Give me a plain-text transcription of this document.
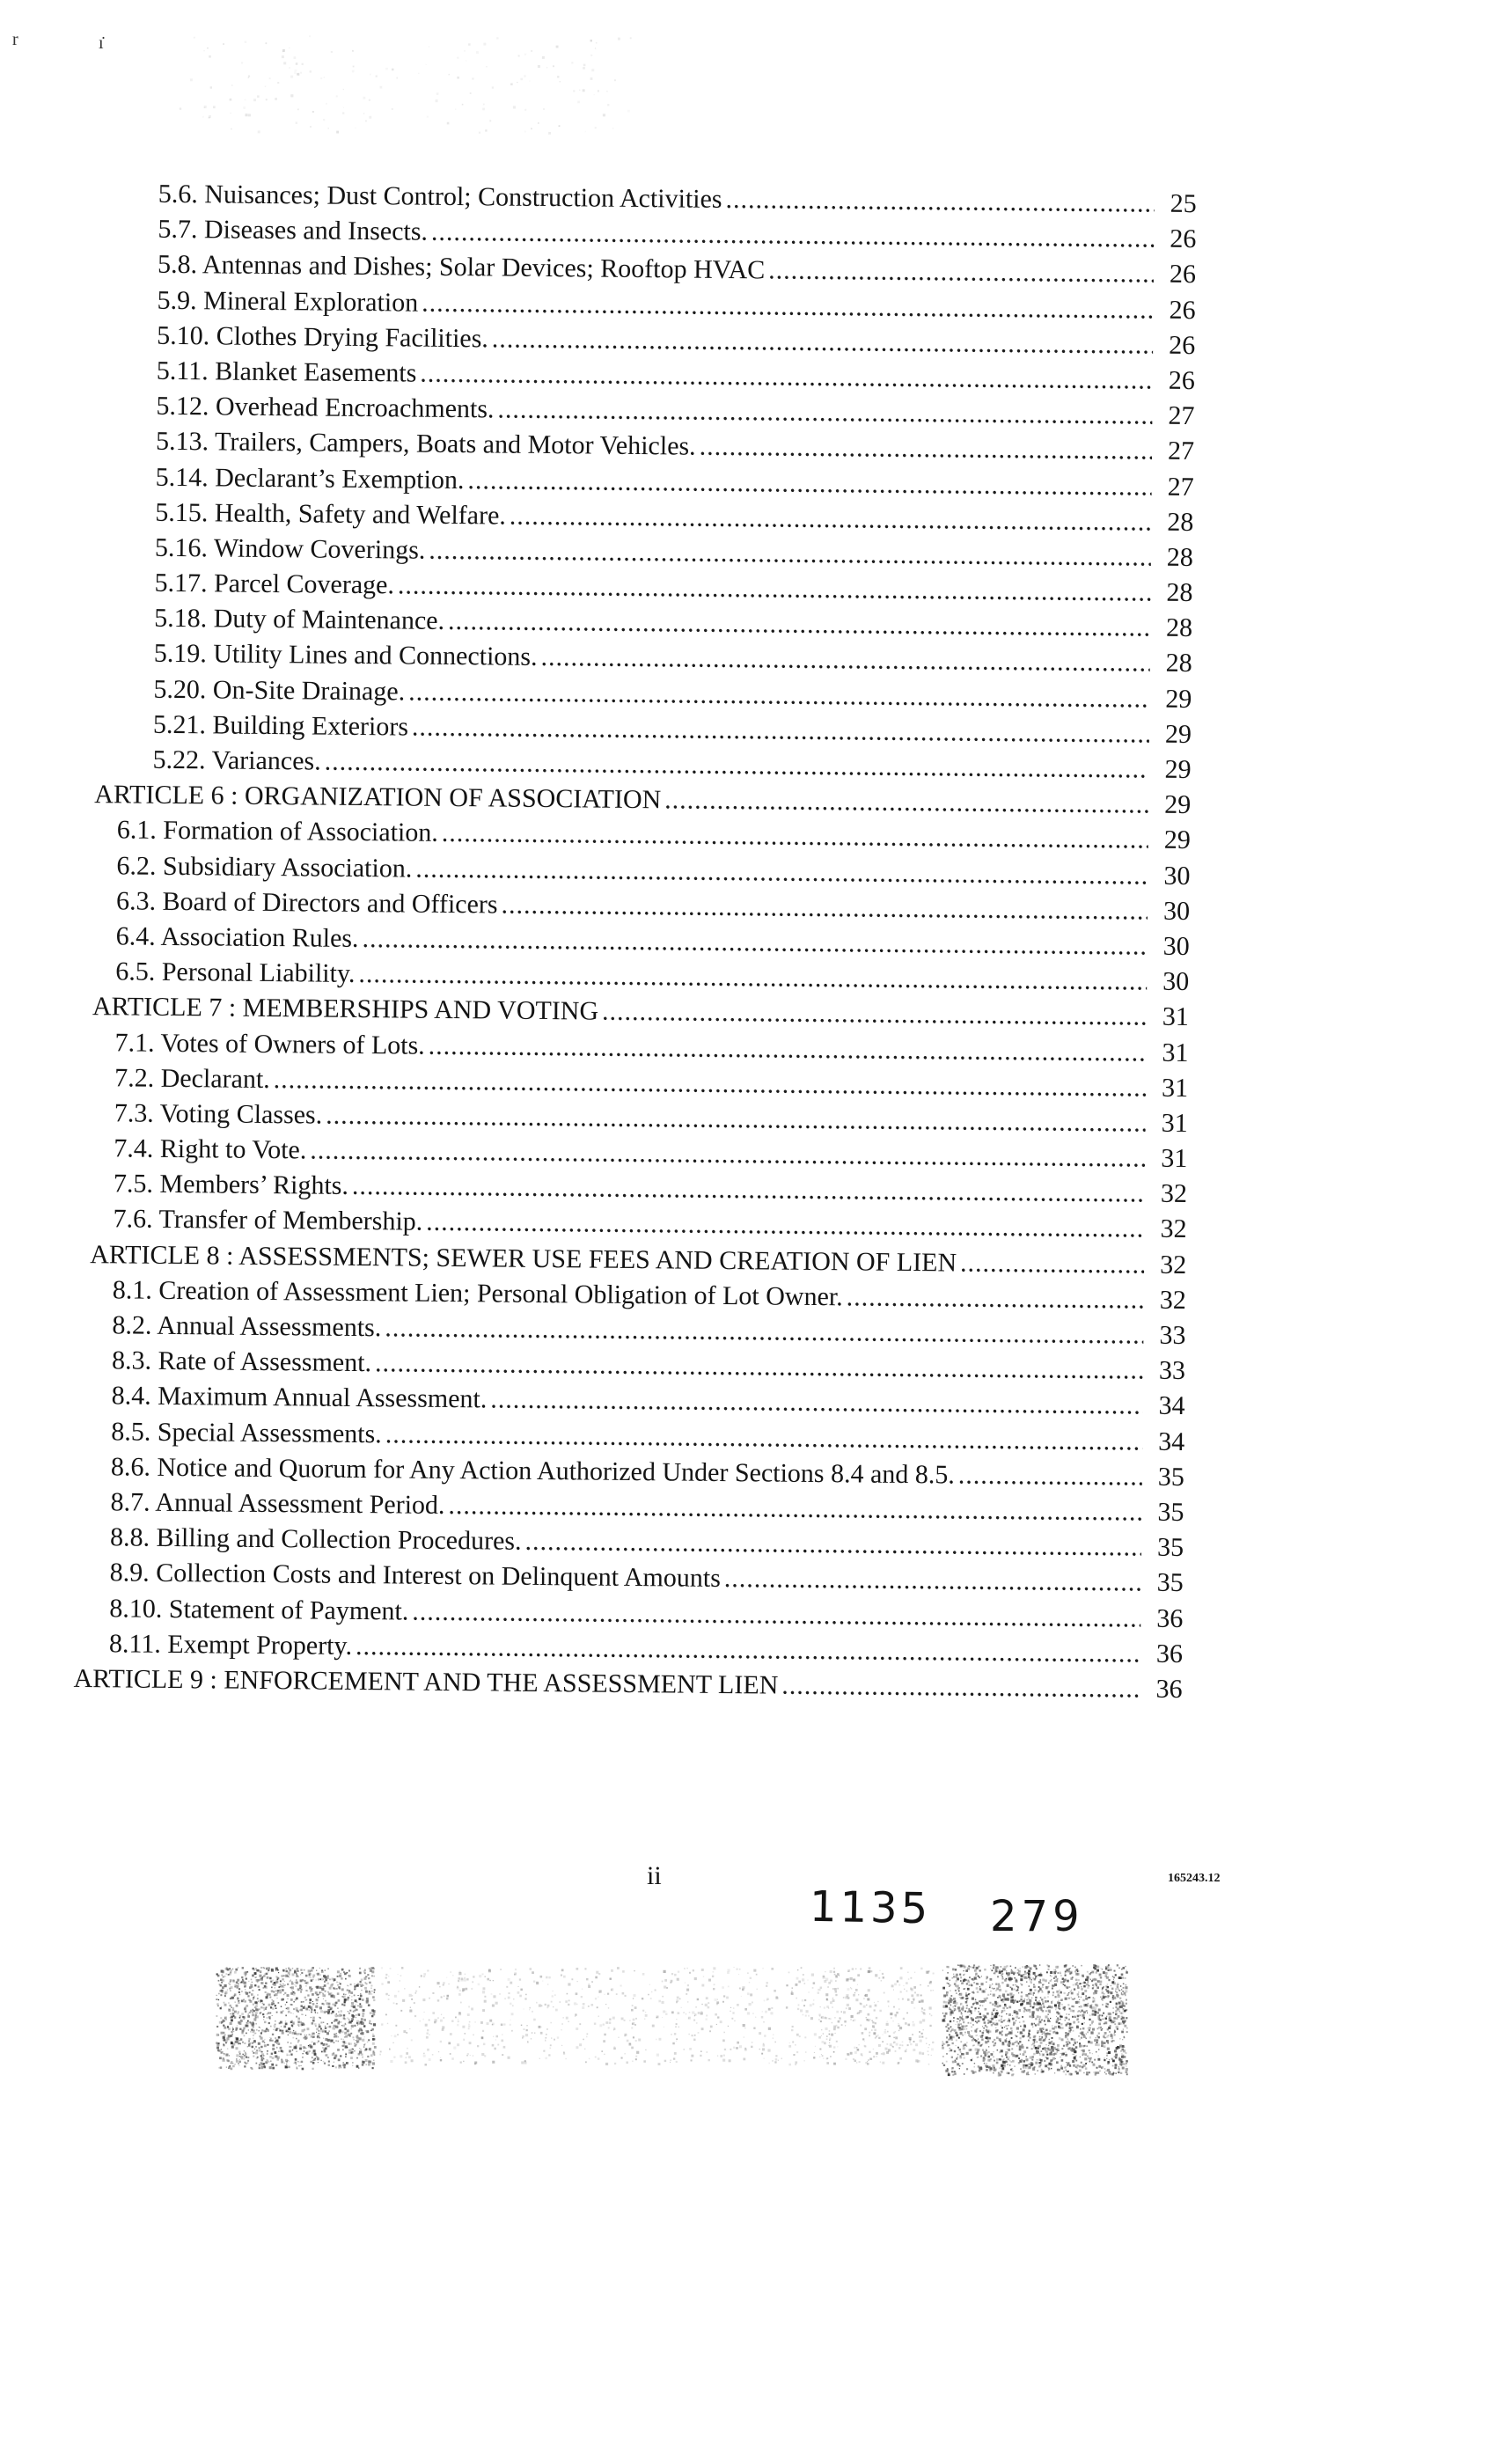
r	ı̇
5.6. Nuisances; Dust Control; Construction Activities .....	25
5.7. Diseases and Insects. .....	26
5.8. Antennas and Dishes; Solar Devices; Rooftop HVAC .....	26
5.9. Mineral Exploration .....	26
5.10. Clothes Drying Facilities. .....	26
5.11. Blanket Easements .....	26
5.12. Overhead Encroachments. .....	27
5.13. Trailers, Campers, Boats and Motor Vehicles. .....	27
5.14. Declarant’s Exemption. .....	27
5.15. Health, Safety and Welfare. .....	28
5.16. Window Coverings. .....	28
5.17. Parcel Coverage. .....	28
5.18. Duty of Maintenance. .....	28
5.19. Utility Lines and Connections. .....	28
5.20. On-Site Drainage. .....	29
5.21. Building Exteriors .....	29
5.22. Variances. .....	29
ARTICLE 6 : ORGANIZATION OF ASSOCIATION .....	29
6.1. Formation of Association. .....	29
6.2. Subsidiary Association. .....	30
6.3. Board of Directors and Officers .....	30
6.4. Association Rules. .....	30
6.5. Personal Liability. .....	30
ARTICLE 7 : MEMBERSHIPS AND VOTING .....	31
7.1. Votes of Owners of Lots. .....	31
7.2. Declarant. .....	31
7.3. Voting Classes. .....	31
7.4. Right to Vote. .....	31
7.5. Members’ Rights. .....	32
7.6. Transfer of Membership. .....	32
ARTICLE 8 : ASSESSMENTS; SEWER USE FEES AND CREATION OF LIEN .....	32
8.1. Creation of Assessment Lien; Personal Obligation of Lot Owner. .....	32
8.2. Annual Assessments. .....	33
8.3. Rate of Assessment. .....	33
8.4. Maximum Annual Assessment. .....	34
8.5. Special Assessments. .....	34
8.6. Notice and Quorum for Any Action Authorized Under Sections 8.4 and 8.5. .....	35
8.7. Annual Assessment Period. .....	35
8.8. Billing and Collection Procedures. .....	35
8.9. Collection Costs and Interest on Delinquent Amounts .....	35
8.10. Statement of Payment. .....	36
8.11. Exempt Property. .....	36
ARTICLE 9 : ENFORCEMENT AND THE ASSESSMENT LIEN .....	36
ii	165243.12
1135 279
